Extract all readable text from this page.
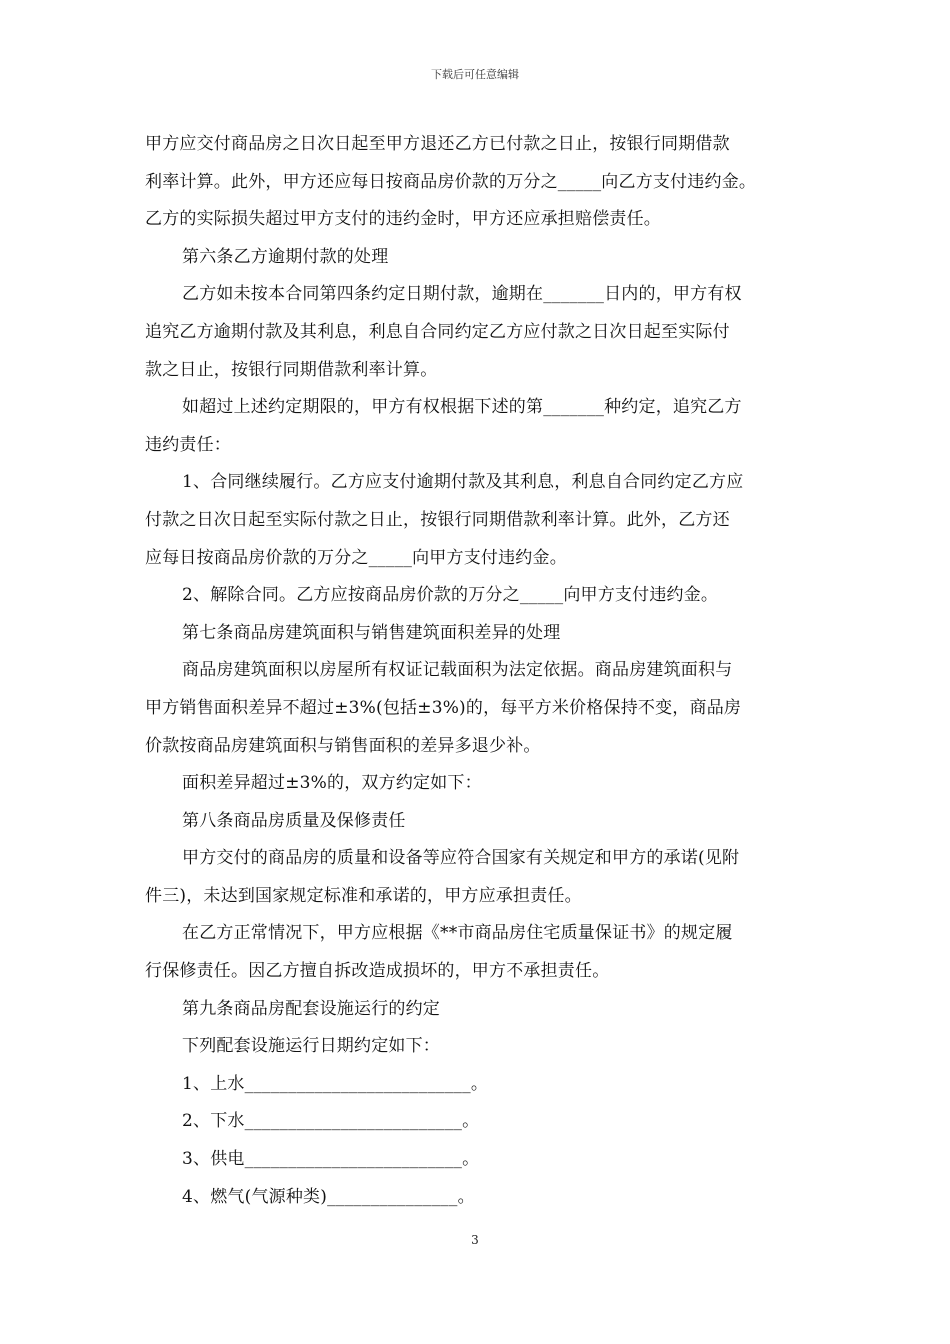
下载后可任意编辑
甲方应交付商品房之日次日起至甲方退还乙方已付款之日止，按银行同期借款
利率计算。此外，甲方还应每日按商品房价款的万分之_____向乙方支付违约金。
乙方的实际损失超过甲方支付的违约金时，甲方还应承担赔偿责任。
第六条乙方逾期付款的处理
乙方如未按本合同第四条约定日期付款，逾期在_______日内的，甲方有权
追究乙方逾期付款及其利息，利息自合同约定乙方应付款之日次日起至实际付
款之日止，按银行同期借款利率计算。
如超过上述约定期限的，甲方有权根据下述的第_______种约定，追究乙方
违约责任：
1、合同继续履行。乙方应支付逾期付款及其利息，利息自合同约定乙方应
付款之日次日起至实际付款之日止，按银行同期借款利率计算。此外，乙方还
应每日按商品房价款的万分之_____向甲方支付违约金。
2、解除合同。乙方应按商品房价款的万分之_____向甲方支付违约金。
第七条商品房建筑面积与销售建筑面积差异的处理
商品房建筑面积以房屋所有权证记载面积为法定依据。商品房建筑面积与
甲方销售面积差异不超过±3%(包括±3%)的，每平方米价格保持不变，商品房
价款按商品房建筑面积与销售面积的差异多退少补。
面积差异超过±3%的，双方约定如下：
第八条商品房质量及保修责任
甲方交付的商品房的质量和设备等应符合国家有关规定和甲方的承诺(见附
件三)，未达到国家规定标准和承诺的，甲方应承担责任。
在乙方正常情况下，甲方应根据《**市商品房住宅质量保证书》的规定履
行保修责任。因乙方擅自拆改造成损坏的，甲方不承担责任。
第九条商品房配套设施运行的约定
下列配套设施运行日期约定如下：
1、上水__________________________。
2、下水_________________________。
3、供电_________________________。
4、燃气(气源种类)_______________。
3
